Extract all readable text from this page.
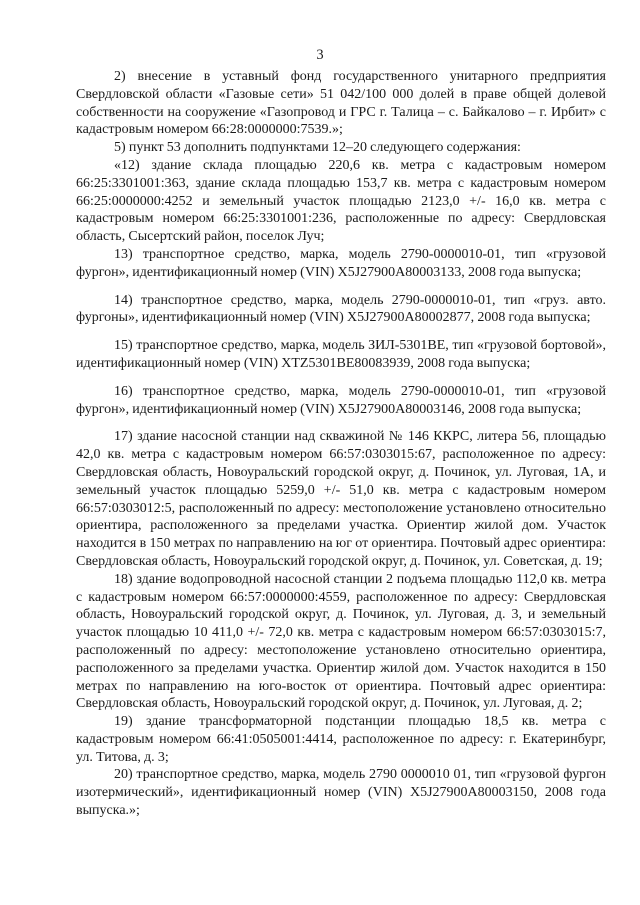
3

2) внесение в уставный фонд государственного унитарного предприятия Свердловской области «Газовые сети» 51 042/100 000 долей в праве общей долевой собственности на сооружение «Газопровод и ГРС г. Талица – с. Байкалово – г. Ирбит» с кадастровым номером 66:28:0000000:7539.»;

5) пункт 53 дополнить подпунктами 12–20 следующего содержания:

«12) здание склада площадью 220,6 кв. метра с кадастровым номером 66:25:3301001:363, здание склада площадью 153,7 кв. метра с кадастровым номером 66:25:0000000:4252 и земельный участок площадью 2123,0 +/- 16,0 кв. метра с кадастровым номером 66:25:3301001:236, расположенные по адресу: Свердловская область, Сысертский район, поселок Луч;

13) транспортное средство, марка, модель 2790-0000010-01, тип «грузовой фургон», идентификационный номер (VIN) X5J27900A80003133, 2008 года выпуска;

14) транспортное средство, марка, модель 2790-0000010-01, тип «груз. авто. фургоны», идентификационный номер (VIN) X5J27900A80002877, 2008 года выпуска;

15) транспортное средство, марка, модель ЗИЛ-5301ВЕ, тип «грузовой бортовой», идентификационный номер (VIN) XTZ5301BE80083939, 2008 года выпуска;

16) транспортное средство, марка, модель 2790-0000010-01, тип «грузовой фургон», идентификационный номер (VIN) X5J27900A80003146, 2008 года выпуска;

17) здание насосной станции над скважиной № 146 ККРС, литера 56, площадью 42,0 кв. метра с кадастровым номером 66:57:0303015:67, расположенное по адресу: Свердловская область, Новоуральский городской округ, д. Починок, ул. Луговая, 1А, и земельный участок площадью 5259,0 +/- 51,0 кв. метра с кадастровым номером 66:57:0303012:5, расположенный по адресу: местоположение установлено относительно ориентира, расположенного за пределами участка. Ориентир жилой дом. Участок находится в 150 метрах по направлению на юг от ориентира. Почтовый адрес ориентира: Свердловская область, Новоуральский городской округ, д. Починок, ул. Советская, д. 19;

18) здание водопроводной насосной станции 2 подъема площадью 112,0 кв. метра с кадастровым номером 66:57:0000000:4559, расположенное по адресу: Свердловская область, Новоуральский городской округ, д. Починок, ул. Луговая, д. 3, и земельный участок площадью 10 411,0 +/- 72,0 кв. метра с кадастровым номером 66:57:0303015:7, расположенный по адресу: местоположение установлено относительно ориентира, расположенного за пределами участка. Ориентир жилой дом. Участок находится в 150 метрах по направлению на юго-восток от ориентира. Почтовый адрес ориентира: Свердловская область, Новоуральский городской округ, д. Починок, ул. Луговая, д. 2;

19) здание трансформаторной подстанции площадью 18,5 кв. метра с кадастровым номером 66:41:0505001:4414, расположенное по адресу: г. Екатеринбург, ул. Титова, д. 3;

20) транспортное средство, марка, модель 2790 0000010 01, тип «грузовой фургон изотермический», идентификационный номер (VIN) X5J27900A80003150, 2008 года выпуска.»;
